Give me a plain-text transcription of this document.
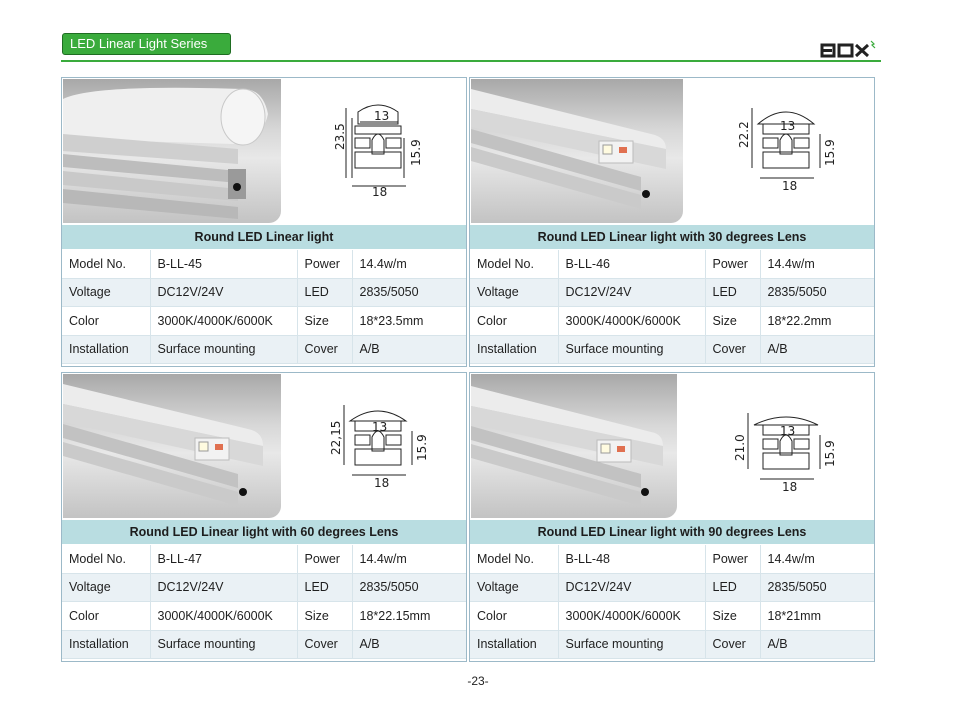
LED Linear Light Series
13
18
23.5
15.9
Round LED Linear light
Model No.	B-LL-45	Power	14.4w/m
Voltage	DC12V/24V	LED	2835/5050
Color	3000K/4000K/6000K	Size	18*23.5mm
Installation	Surface mounting	Cover	A/B
13
18
22.2
15.9
Round LED Linear light with 30 degrees Lens
Model No.	B-LL-46	Power	14.4w/m
Voltage	DC12V/24V	LED	2835/5050
Color	3000K/4000K/6000K	Size	18*22.2mm
Installation	Surface mounting	Cover	A/B
13
18
22,15	15.9
Round LED Linear light with 60 degrees Lens
Model No.	B-LL-47	Power	14.4w/m
Voltage	DC12V/24V	LED	2835/5050
Color	3000K/4000K/6000K	Size	18*22.15mm
Installation	Surface mounting	Cover	A/B
13
18
21.0	15.9
Round LED Linear light with 90 degrees Lens
Model No.	B-LL-48	Power	14.4w/m
Voltage	DC12V/24V	LED	2835/5050
Color	3000K/4000K/6000K	Size	18*21mm
Installation	Surface mounting	Cover	A/B
-23-
